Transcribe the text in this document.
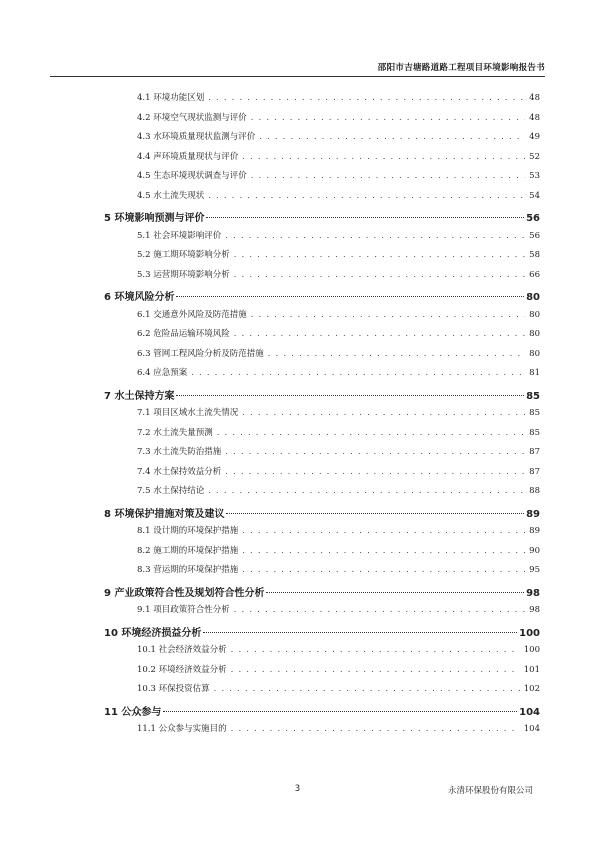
邵阳市吉塘路道路工程项目环境影响报告书
4.1 环境功能区划 . . .	48
4.2 环境空气现状监测与评价 . . .	48
4.3 水环境质量现状监测与评价 . . .	49
4.4 声环境质量现状与评价 . . .	52
4.5 生态环境现状调查与评价 . . .	53
4.5 水土流失现状 . . .	54
5 环境影响预测与评价	56
5.1 社会环境影响评价 . . .	56
5.2 施工期环境影响分析 . . .	58
5.3 运营期环境影响分析 . . .	66
6 环境风险分析	80
6.1 交通意外风险及防范措施 . . .	80
6.2 危险品运输环境风险 . . .	80
6.3 管网工程风险分析及防范措施 . . .	80
6.4 应急预案 . . .	81
7 水土保持方案	85
7.1 项目区域水土流失情况 . . .	85
7.2 水土流失量预测 . . .	85
7.3 水土流失防治措施 . . .	87
7.4 水土保持效益分析 . . .	87
7.5 水土保持结论 . . .	88
8 环境保护措施对策及建议	89
8.1 设计期的环境保护措施 . . .	89
8.2 施工期的环境保护措施 . . .	90
8.3 营运期的环境保护措施 . . .	95
9 产业政策符合性及规划符合性分析	98
9.1 项目政策符合性分析 . . .	98
10 环境经济损益分析	100
10.1 社会经济效益分析 . . .	100
10.2 环境经济效益分析 . . .	101
10.3 环保投资估算 . . .	102
11 公众参与	104
11.1 公众参与实施目的 . . .	104
3	永清环保股份有限公司
